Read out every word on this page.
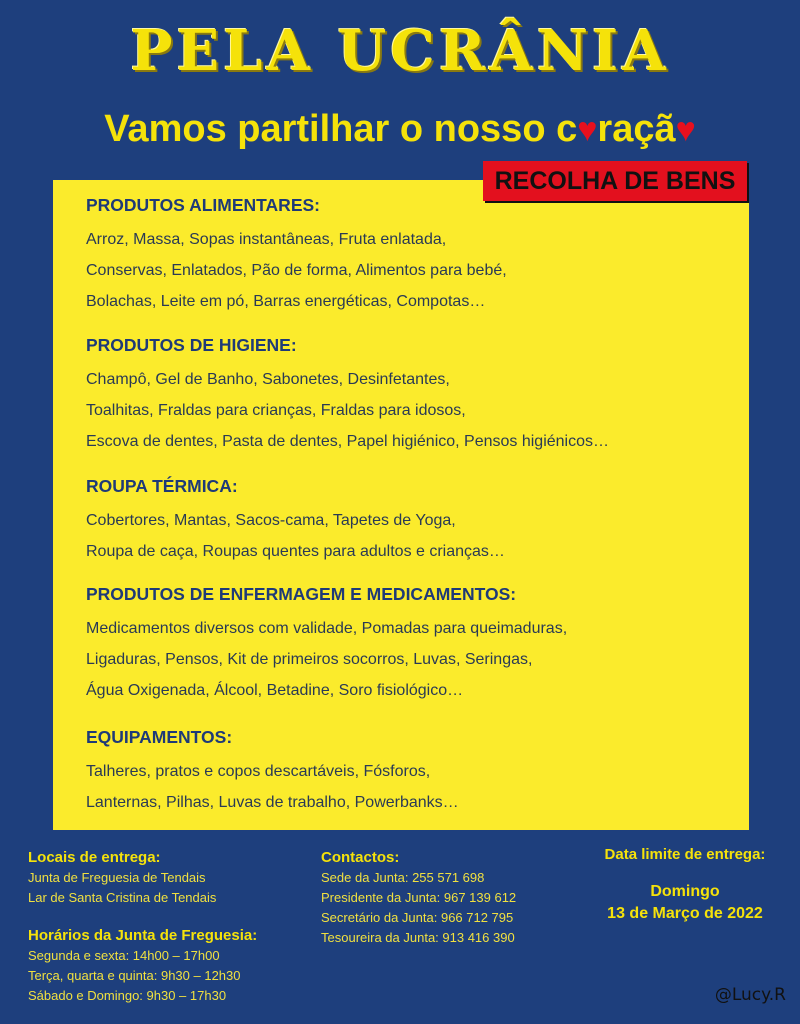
PELA UCRÂNIA
Vamos partilhar o nosso c♥raçã♥
RECOLHA DE BENS
PRODUTOS ALIMENTARES:
Arroz, Massa, Sopas instantâneas, Fruta enlatada,
Conservas, Enlatados, Pão de forma, Alimentos para bebé,
Bolachas, Leite em pó, Barras energéticas, Compotas…
PRODUTOS DE HIGIENE:
Champô, Gel de Banho, Sabonetes, Desinfetantes,
Toalhitas, Fraldas para crianças, Fraldas para idosos,
Escova de dentes, Pasta de dentes, Papel higiénico, Pensos higiénicos…
ROUPA TÉRMICA:
Cobertores, Mantas, Sacos-cama, Tapetes de Yoga,
Roupa de caça, Roupas quentes para adultos e crianças…
PRODUTOS DE ENFERMAGEM E MEDICAMENTOS:
Medicamentos diversos com validade, Pomadas para queimaduras,
Ligaduras, Pensos, Kit de primeiros socorros, Luvas, Seringas,
Água Oxigenada, Álcool, Betadine, Soro fisiológico…
EQUIPAMENTOS:
Talheres, pratos e copos descartáveis, Fósforos,
Lanternas, Pilhas, Luvas de trabalho, Powerbanks…
Locais de entrega:
Junta de Freguesia de Tendais
Lar de Santa Cristina de Tendais
Horários da Junta de Freguesia:
Segunda e sexta: 14h00 – 17h00
Terça, quarta e quinta: 9h30 – 12h30
Sábado e Domingo: 9h30 – 17h30
Contactos:
Sede da Junta: 255 571 698
Presidente da Junta: 967 139 612
Secretário da Junta: 966 712 795
Tesoureira da Junta: 913 416 390
Data limite de entrega:
Domingo
13 de Março de 2022
@Lucy.R
